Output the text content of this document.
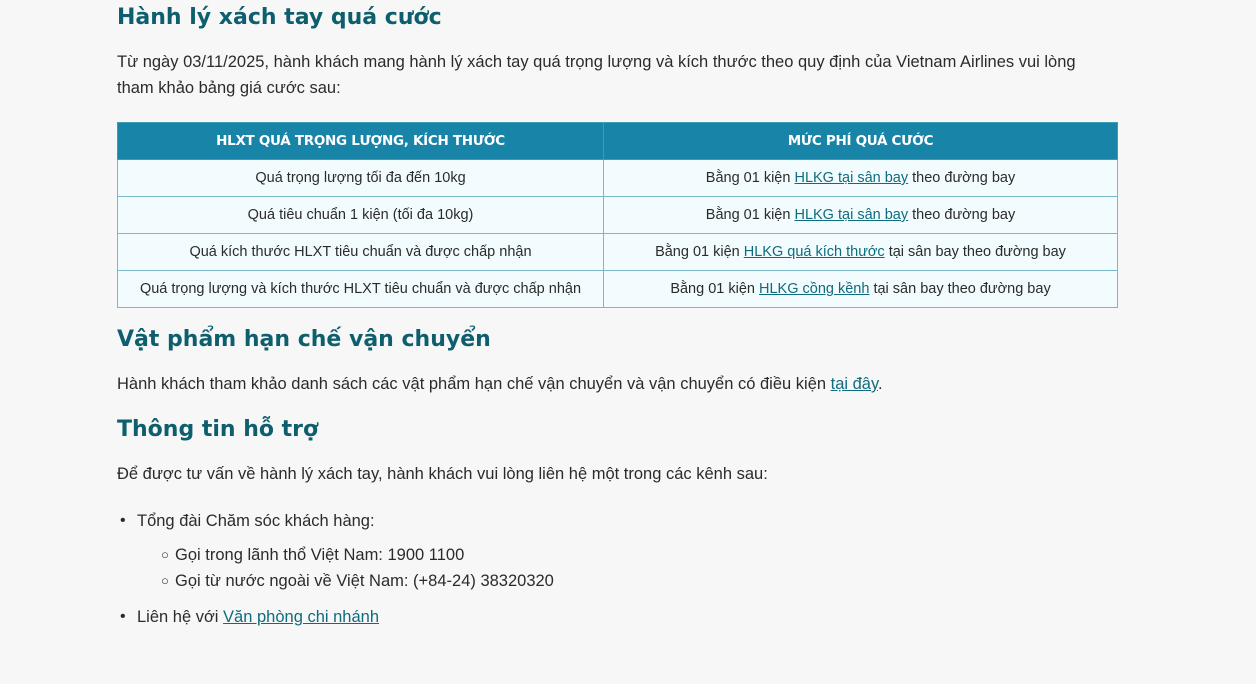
Hành lý xách tay quá cước

Từ ngày 03/11/2025, hành khách mang hành lý xách tay quá trọng lượng và kích thước theo quy định của Vietnam Airlines vui lòng tham khảo bảng giá cước sau:

HLXT QUÁ TRỌNG LƯỢNG, KÍCH THƯỚC	MỨC PHÍ QUÁ CƯỚC
Quá trọng lượng tối đa đến 10kg	Bằng 01 kiện HLKG tại sân bay theo đường bay
Quá tiêu chuẩn 1 kiện (tối đa 10kg)	Bằng 01 kiện HLKG tại sân bay theo đường bay
Quá kích thước HLXT tiêu chuẩn và được chấp nhận	Bằng 01 kiện HLKG quá kích thước tại sân bay theo đường bay
Quá trọng lượng và kích thước HLXT tiêu chuẩn và được chấp nhận	Bằng 01 kiện HLKG cồng kềnh tại sân bay theo đường bay
Vật phẩm hạn chế vận chuyển

Hành khách tham khảo danh sách các vật phẩm hạn chế vận chuyển và vận chuyển có điều kiện tại đây.

Thông tin hỗ trợ

Để được tư vấn về hành lý xách tay, hành khách vui lòng liên hệ một trong các kênh sau:

• Tổng đài Chăm sóc khách hàng:
○ Gọi trong lãnh thổ Việt Nam: 1900 1100
○ Gọi từ nước ngoài về Việt Nam: (+84-24) 38320320
• Liên hệ với Văn phòng chi nhánh
